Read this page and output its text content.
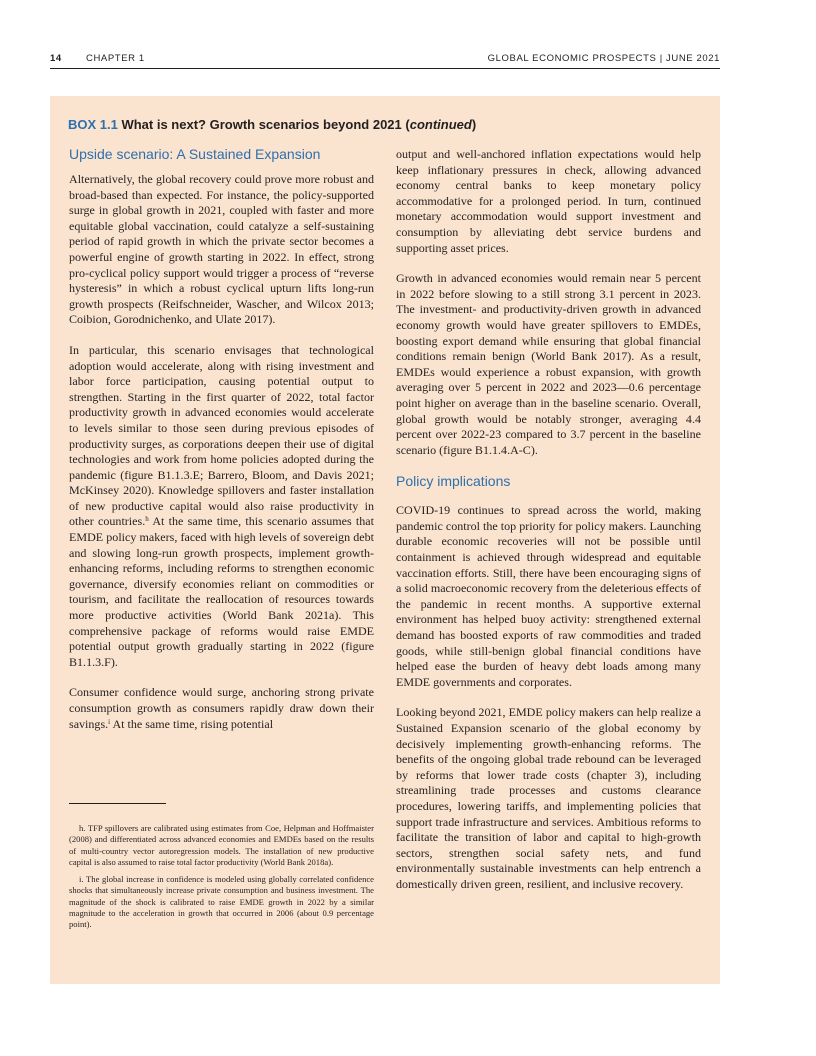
14	CHAPTER 1	GLOBAL ECONOMIC PROSPECTS | JUNE 2021
BOX 1.1 What is next? Growth scenarios beyond 2021 (continued)
Upside scenario: A Sustained Expansion

Alternatively, the global recovery could prove more robust and broad-based than expected. For instance, the policy-supported surge in global growth in 2021, coupled with faster and more equitable global vaccination, could catalyze a self-sustaining period of rapid growth in which the private sector becomes a powerful engine of growth starting in 2022. In effect, strong pro-cyclical policy support would trigger a process of “reverse hysteresis” in which a robust cyclical upturn lifts long-run growth prospects (Reifschneider, Wascher, and Wilcox 2013; Coibion, Gorodnichenko, and Ulate 2017).

In particular, this scenario envisages that technological adoption would accelerate, along with rising investment and labor force participation, causing potential output to strengthen. Starting in the first quarter of 2022, total factor productivity growth in advanced economies would accelerate to levels similar to those seen during previous episodes of productivity surges, as corporations deepen their use of digital technologies and work from home policies adopted during the pandemic (figure B1.1.3.E; Barrero, Bloom, and Davis 2021; McKinsey 2020). Knowledge spillovers and faster installation of new productive capital would also raise productivity in other countries.$^h$ At the same time, this scenario assumes that EMDE policy makers, faced with high levels of sovereign debt and slowing long-run growth prospects, implement growth-enhancing reforms, including reforms to strengthen economic governance, diversify economies reliant on commodities or tourism, and facilitate the reallocation of resources towards more productive activities (World Bank 2021a). This comprehensive package of reforms would raise EMDE potential output growth gradually starting in 2022 (figure B1.1.3.F).

Consumer confidence would surge, anchoring strong private consumption growth as consumers rapidly draw down their savings.$^i$ At the same time, rising potential

h. TFP spillovers are calibrated using estimates from Coe, Helpman and Hoffmaister (2008) and differentiated across advanced economies and EMDEs based on the results of multi-country vector autoregression models. The installation of new productive capital is also assumed to raise total factor productivity (World Bank 2018a).

i. The global increase in confidence is modeled using globally correlated confidence shocks that simultaneously increase private consumption and business investment. The magnitude of the shock is calibrated to raise EMDE growth in 2022 by a similar magnitude to the acceleration in growth that occurred in 2006 (about 0.9 percentage point).

output and well-anchored inflation expectations would help keep inflationary pressures in check, allowing advanced economy central banks to keep monetary policy accommodative for a prolonged period. In turn, continued monetary accommodation would support investment and consumption by alleviating debt service burdens and supporting asset prices.

Growth in advanced economies would remain near 5 percent in 2022 before slowing to a still strong 3.1 percent in 2023. The investment- and productivity-driven growth in advanced economy growth would have greater spillovers to EMDEs, boosting export demand while ensuring that global financial conditions remain benign (World Bank 2017). As a result, EMDEs would experience a robust expansion, with growth averaging over 5 percent in 2022 and 2023—0.6 percentage point higher on average than in the baseline scenario. Overall, global growth would be notably stronger, averaging 4.4 percent over 2022-23 compared to 3.7 percent in the baseline scenario (figure B1.1.4.A-C).

Policy implications

COVID-19 continues to spread across the world, making pandemic control the top priority for policy makers. Launching durable economic recoveries will not be possible until containment is achieved through widespread and equitable vaccination efforts. Still, there have been encouraging signs of a solid macroeconomic recovery from the deleterious effects of the pandemic in recent months. A supportive external environment has helped buoy activity: strengthened external demand has boosted exports of raw commodities and traded goods, while still-benign global financial conditions have helped ease the burden of heavy debt loads among many EMDE governments and corporates.

Looking beyond 2021, EMDE policy makers can help realize a Sustained Expansion scenario of the global economy by decisively implementing growth-enhancing reforms. The benefits of the ongoing global trade rebound can be leveraged by reforms that lower trade costs (chapter 3), including streamlining trade processes and customs clearance procedures, lowering tariffs, and implementing policies that support trade infrastructure and services. Ambitious reforms to facilitate the transition of labor and capital to high-growth sectors, strengthen social safety nets, and fund environmentally sustainable investments can help entrench a domestically driven green, resilient, and inclusive recovery.
